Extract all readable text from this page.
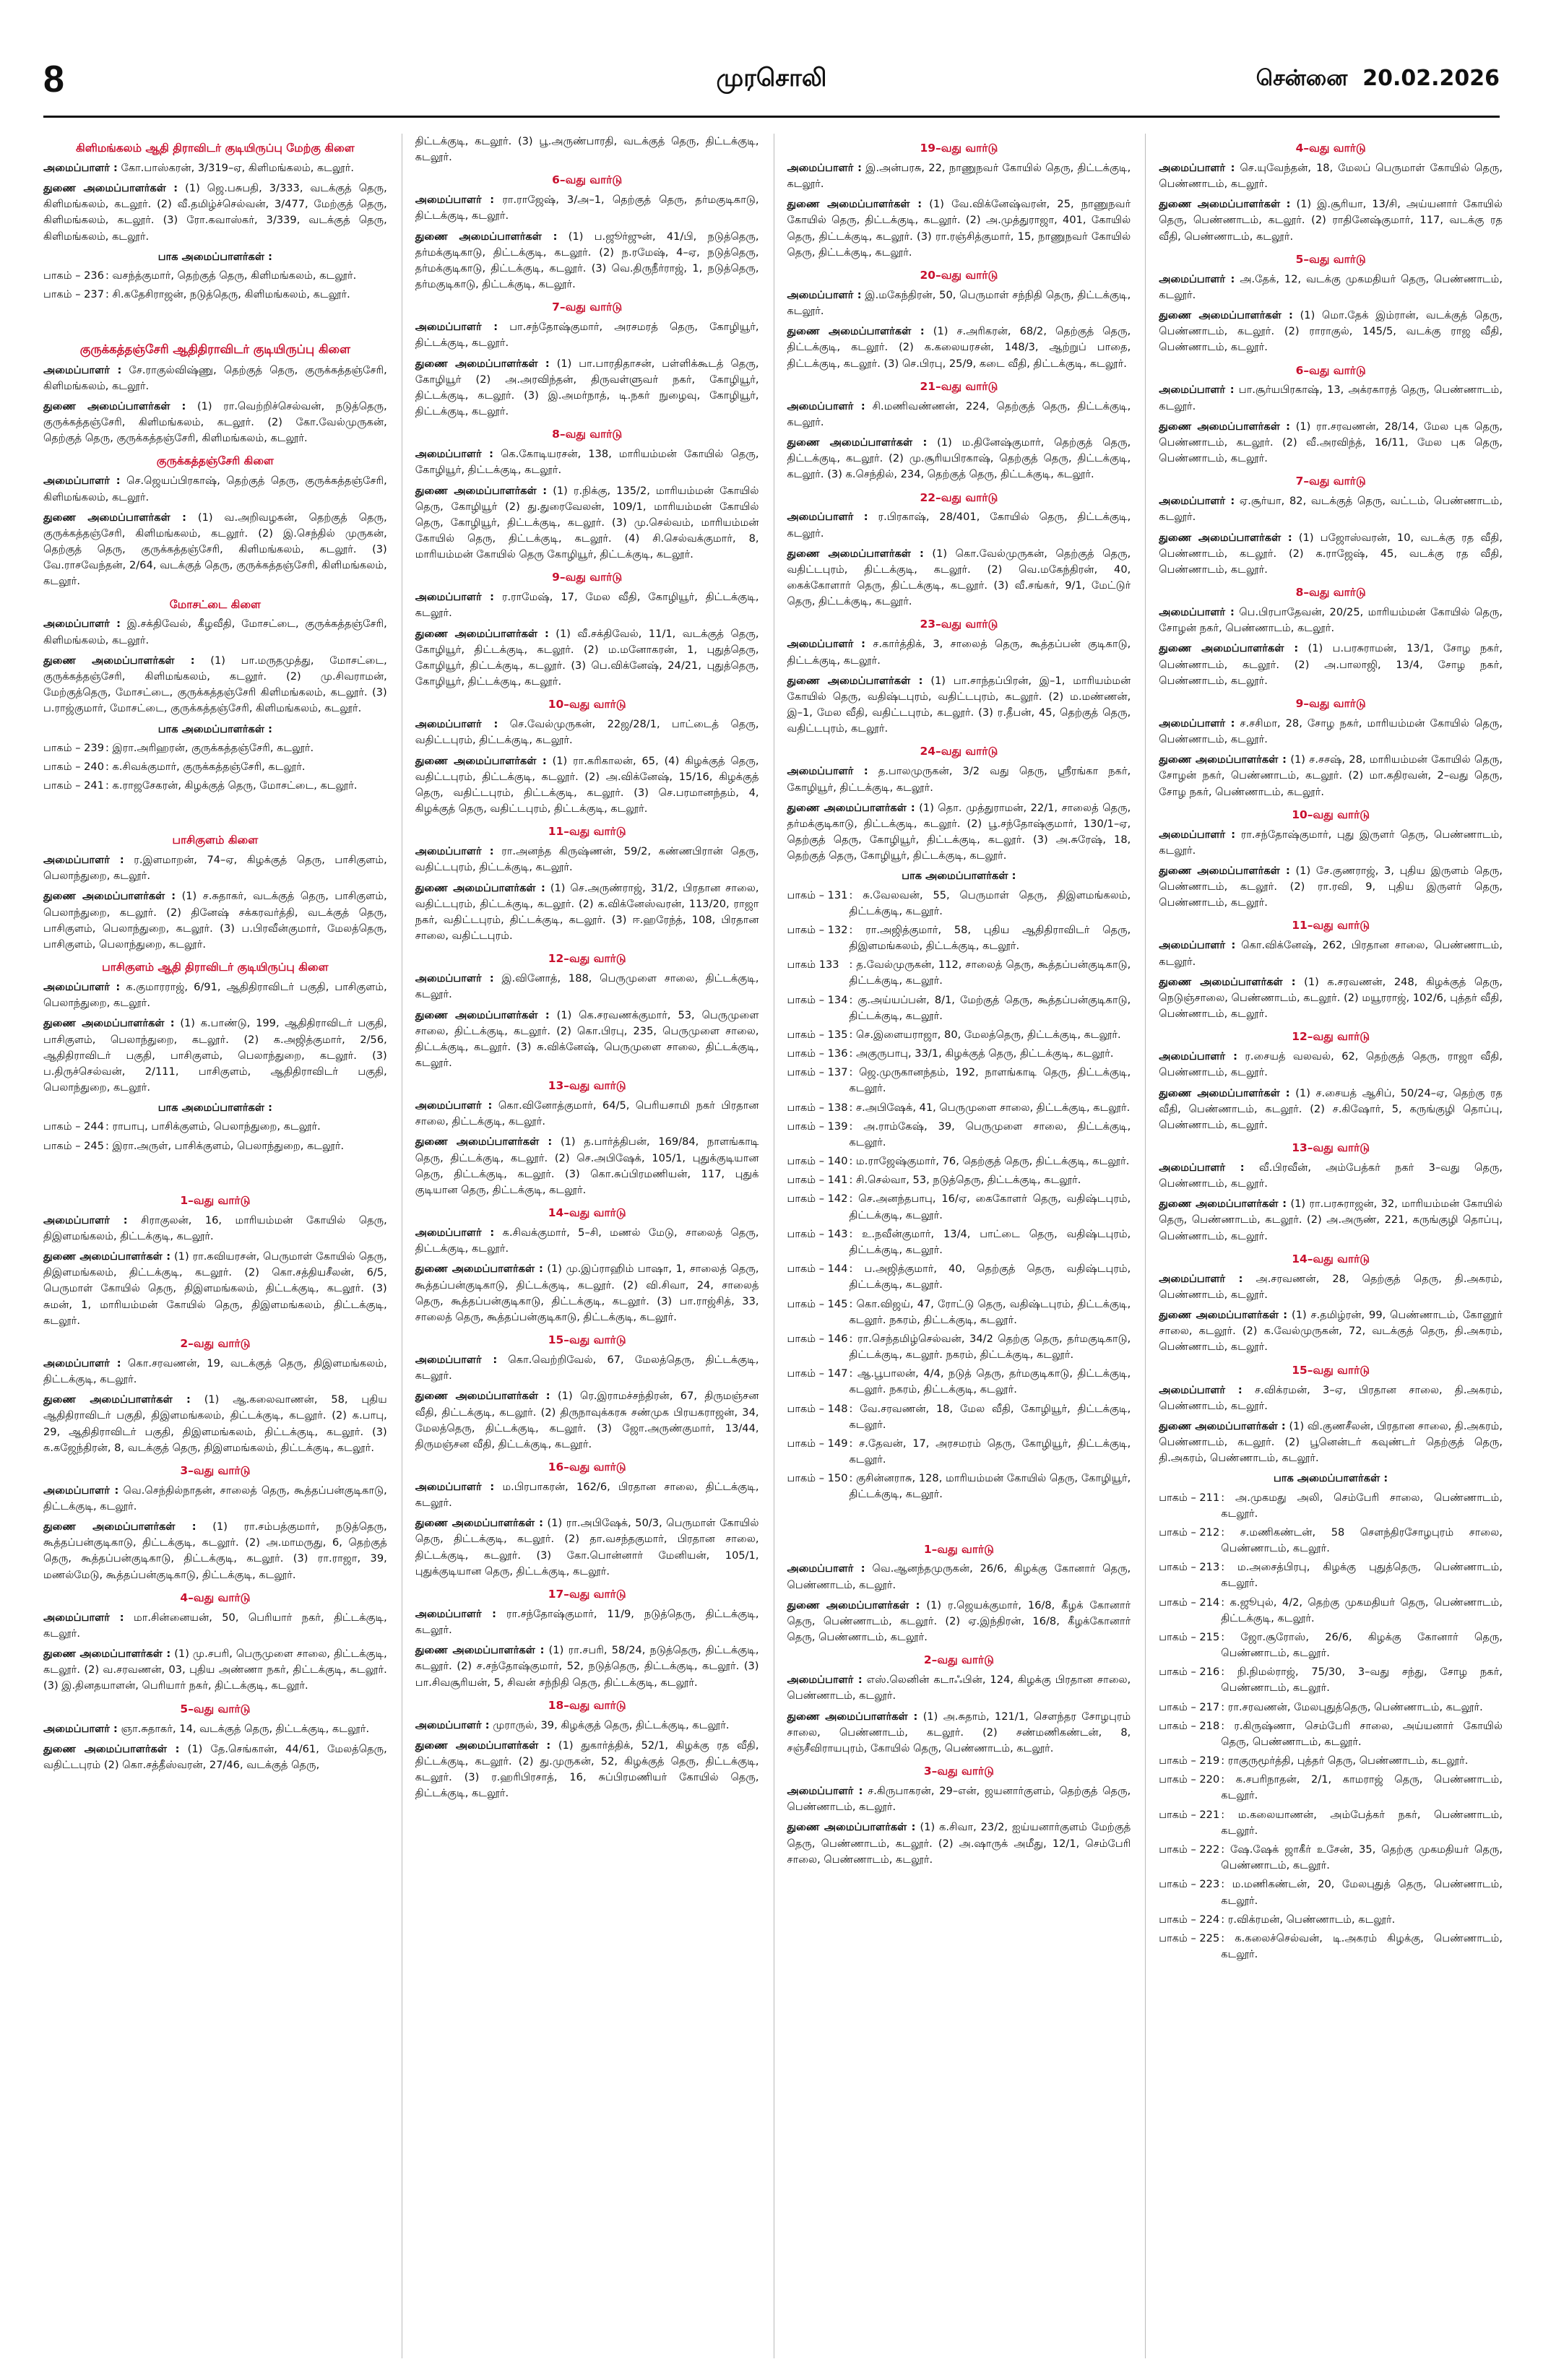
8	முரசொலி	சென்னை 20.02.2026
கிளிமங்கலம் ஆதி திராவிடர் குடியிருப்பு மேற்கு கிளை

அமைப்பாளர் : கோ.பாஸ்கரன், 3/319–ஏ, கிளிமங்கலம், கடலூர்.

துணை அமைப்பாளர்கள் : (1) ஜெ.பசுபதி, 3/333, வடக்குத் தெரு, கிளிமங்கலம், கடலூர். (2) வீ.தமிழ்ச்செல்வன், 3/477, மேற்குத் தெரு, கிளிமங்கலம், கடலூர். (3) ரோ.கவாஸ்கர், 3/339, வடக்குத் தெரு, கிளிமங்கலம், கடலூர்.

பாக அமைப்பாளர்கள் :
பாகம் – 236 : வசந்த்குமார், தெற்குத் தெரு, கிளிமங்கலம், கடலூர்.
பாகம் – 237 : சி.கதேசிராஜன், நடுத்தெரு, கிளிமங்கலம், கடலூர்.
குருக்கத்தஞ்சேரி ஆதிதிராவிடர் குடியிருப்பு கிளை

அமைப்பாளர் : சே.ராகுல்விஷ்ணு, தெற்குத் தெரு, குருக்கத்தஞ்சேரி, கிளிமங்கலம், கடலூர்.

துணை அமைப்பாளர்கள் : (1) ரா.வெற்றிச்செல்வன், நடுத்தெரு, குருக்கத்தஞ்சேரி, கிளிமங்கலம், கடலூர். (2) கோ.வேல்முருகன், தெற்குத் தெரு, குருக்கத்தஞ்சேரி, கிளிமங்கலம், கடலூர்.

குருக்கத்தஞ்சேரி கிளை

அமைப்பாளர் : செ.ஜெயப்பிரகாஷ், தெற்குத் தெரு, குருக்கத்தஞ்சேரி, கிளிமங்கலம், கடலூர்.

துணை அமைப்பாளர்கள் : (1) வ.அறிவழகன், தெற்குத் தெரு, குருக்கத்தஞ்சேரி, கிளிமங்கலம், கடலூர். (2) இ.செந்தில் முருகன், தெற்குத் தெரு, குருக்கத்தஞ்சேரி, கிளிமங்கலம், கடலூர். (3) வே.ராசவேந்தன், 2/64, வடக்குத் தெரு, குருக்கத்தஞ்சேரி, கிளிமங்கலம், கடலூர்.

மோசட்டை கிளை

அமைப்பாளர் : இ.சக்திவேல், கீழவீதி, மோசட்டை, குருக்கத்தஞ்சேரி, கிளிமங்கலம், கடலூர்.

துணை அமைப்பாளர்கள் : (1) பா.மருதமுத்து, மோசட்டை, குருக்கத்தஞ்சேரி, கிளிமங்கலம், கடலூர். (2) மு.சிவராமன், மேற்குத்தெரு, மோசட்டை, குருக்கத்தஞ்சேரி கிளிமங்கலம், கடலூர். (3) ப.ராஜ்குமார், மோசட்டை, குருக்கத்தஞ்சேரி, கிளிமங்கலம், கடலூர்.

பாக அமைப்பாளர்கள் :
பாகம் – 239 : இரா.அரிஹரன், குருக்கத்தஞ்சேரி, கடலூர்.
பாகம் – 240 : க.சிவக்குமார், குருக்கத்தஞ்சேரி, கடலூர்.
பாகம் – 241 : க.ராஜசேகரன், கிழக்குத் தெரு, மோசட்டை, கடலூர்.
பாசிகுளம் கிளை

அமைப்பாளர் : ர.இளமாறன், 74–ஏ, கிழக்குத் தெரு, பாசிகுளம், பெலாந்துறை, கடலூர்.

துணை அமைப்பாளர்கள் : (1) ச.சுதாகர், வடக்குத் தெரு, பாசிகுளம், பெலாந்துறை, கடலூர். (2) தினேஷ் சக்கரவர்த்தி, வடக்குத் தெரு, பாசிகுளம், பெலாந்துறை, கடலூர். (3) ப.பிரவீன்குமார், மேலத்தெரு, பாசிகுளம், பெலாந்துறை, கடலூர்.

பாசிகுளம் ஆதி திராவிடர் குடியிருப்பு கிளை

அமைப்பாளர் : க.குமாரராஜ், 6/91, ஆதிதிராவிடர் பகுதி, பாசிகுளம், பெலாந்துறை, கடலூர்.

துணை அமைப்பாளர்கள் : (1) க.பாண்டு, 199, ஆதிதிராவிடர் பகுதி, பாசிகுளம், பெலாந்துறை, கடலூர். (2) க.அஜித்குமார், 2/56, ஆதிதிராவிடர் பகுதி, பாசிகுளம், பெலாந்துறை, கடலூர். (3) ப.திருச்செல்வன், 2/111, பாசிகுளம், ஆதிதிராவிடர் பகுதி, பெலாந்துறை, கடலூர்.

பாக அமைப்பாளர்கள் :
பாகம் – 244 : ராபாபு, பாசிக்குளம், பெலாந்துறை, கடலூர்.
பாகம் – 245 : இரா.அருள், பாசிக்குளம், பெலாந்துறை, கடலூர்.
1–வது வார்டு

அமைப்பாளர் : சிராகுலன், 16, மாரியம்மன் கோயில் தெரு, திஇளமங்கலம், திட்டக்குடி, கடலூர்.

துணை அமைப்பாளர்கள் : (1) ரா.கவியரசன், பெருமாள் கோயில் தெரு, திஇளமங்கலம், திட்டக்குடி, கடலூர். (2) கொ.சத்தியசீலன், 6/5, பெருமாள் கோயில் தெரு, திஇளமங்கலம், திட்டக்குடி, கடலூர். (3) சுமன், 1, மாரியம்மன் கோயில் தெரு, திஇளமங்கலம், திட்டக்குடி, கடலூர்.

2–வது வார்டு

அமைப்பாளர் : கொ.சரவணன், 19, வடக்குத் தெரு, திஇளமங்கலம், திட்டக்குடி, கடலூர்.

துணை அமைப்பாளர்கள் : (1) ஆ.கலைவாணன், 58, புதிய ஆதிதிராவிடர் பகுதி, திஇளமங்கலம், திட்டக்குடி, கடலூர். (2) க.பாபு, 29, ஆதிதிராவிடர் பகுதி, திஇளமங்கலம், திட்டக்குடி, கடலூர். (3) க.கஜேந்திரன், 8, வடக்குத் தெரு, திஇளமங்கலம், திட்டக்குடி, கடலூர்.

3–வது வார்டு

அமைப்பாளர் : வெ.செந்தில்நாதன், சாலைத் தெரு, கூத்தப்பன்குடிகாடு, திட்டக்குடி, கடலூர்.

துணை அமைப்பாளர்கள் : (1) ரா.சம்பத்குமார், நடுத்தெரு, கூத்தப்பன்குடிகாடு, திட்டக்குடி, கடலூர். (2) அ.மாமருது, 6, தெற்குத் தெரு, கூத்தப்பன்குடிகாடு, திட்டக்குடி, கடலூர். (3) ரா.ராஜா, 39, மணல்மேடு, கூத்தப்பன்குடிகாடு, திட்டக்குடி, கடலூர்.

4–வது வார்டு

அமைப்பாளர் : மா.சின்னையன், 50, பெரியார் நகர், திட்டக்குடி, கடலூர்.

துணை அமைப்பாளர்கள் : (1) மு.சபரி, பெருமுளை சாலை, திட்டக்குடி, கடலூர். (2) வ.சரவணன், 03, புதிய அண்ணா நகர், திட்டக்குடி, கடலூர். (3) இ.தினதயாளன், பெரியார் நகர், திட்டக்குடி, கடலூர்.

5–வது வார்டு

அமைப்பாளர் : ஞா.சுதாகர், 14, வடக்குத் தெரு, திட்டக்குடி, கடலூர்.

துணை அமைப்பாளர்கள் : (1) தே.செங்கான், 44/61, மேலத்தெரு, வதிட்டபுரம் (2) கொ.சத்தீஸ்வரன், 27/46, வடக்குத் தெரு,

திட்டக்குடி, கடலூர். (3) பூ.அருண்பாரதி, வடக்குத் தெரு, திட்டக்குடி, கடலூர்.

6–வது வார்டு

அமைப்பாளர் : ரா.ராஜேஷ், 3/அ–1, தெற்குத் தெரு, தர்மகுடிகாடு, திட்டக்குடி, கடலூர்.

துணை அமைப்பாளர்கள் : (1) ப.ஜூர்ஜுன், 41/பி, நடுத்தெரு, தர்மக்குடிகாடு, திட்டக்குடி, கடலூர். (2) ந.ரமேஷ், 4–ஏ, நடுத்தெரு, தர்மக்குடிகாடு, திட்டக்குடி, கடலூர். (3) வெ.திருநீர்ராஜ், 1, நடுத்தெரு, தர்மகுடிகாடு, திட்டக்குடி, கடலூர்.

7–வது வார்டு

அமைப்பாளர் : பா.சந்தோஷ்குமார், அரசமரத் தெரு, கோழியூர், திட்டக்குடி, கடலூர்.

துணை அமைப்பாளர்கள் : (1) பா.பாரதிதாசன், பள்ளிக்கூடத் தெரு, கோழியூர் (2) அ.அரவிந்தன், திருவள்ளுவர் நகர், கோழியூர், திட்டக்குடி, கடலூர். (3) இ.அமர்நாத், டி.நகர் நுழைவு, கோழியூர், திட்டக்குடி, கடலூர்.

8–வது வார்டு

அமைப்பாளர் : கெ.கோடியரசன், 138, மாரியம்மன் கோயில் தெரு, கோழியூர், திட்டக்குடி, கடலூர்.

துணை அமைப்பாளர்கள் : (1) ர.நிக்கு, 135/2, மாரியம்மன் கோயில் தெரு, கோழியூர் (2) து.துரைவேலன், 109/1, மாரியம்மன் கோயில் தெரு, கோழியூர், திட்டக்குடி, கடலூர். (3) மு.செல்வம், மாரியம்மன் கோயில் தெரு, திட்டக்குடி, கடலூர். (4) சி.செல்வக்குமார், 8, மாரியம்மன் கோயில் தெரு கோழியூர், திட்டக்குடி, கடலூர்.

9–வது வார்டு

அமைப்பாளர் : ர.ராமேஷ், 17, மேல வீதி, கோழியூர், திட்டக்குடி, கடலூர்.

துணை அமைப்பாளர்கள் : (1) வீ.சக்திவேல், 11/1, வடக்குத் தெரு, கோழியூர், திட்டக்குடி, கடலூர். (2) ம.மனோகரன், 1, புதுத்தெரு, கோழியூர், திட்டக்குடி, கடலூர். (3) பெ.விக்னேஷ், 24/21, புதுத்தெரு, கோழியூர், திட்டக்குடி, கடலூர்.

10–வது வார்டு

அமைப்பாளர் : செ.வேல்முருகன், 22ஜ/28/1, பாட்டைத் தெரு, வதிட்டபுரம், திட்டக்குடி, கடலூர்.

துணை அமைப்பாளர்கள் : (1) ரா.கரிகாலன், 65, (4) கிழக்குத் தெரு, வதிட்டபுரம், திட்டக்குடி, கடலூர். (2) அ.விக்னேஷ், 15/16, கிழக்குத் தெரு, வதிட்டபுரம், திட்டக்குடி, கடலூர். (3) செ.பரமானந்தம், 4, கிழக்குத் தெரு, வதிட்டபுரம், திட்டக்குடி, கடலூர்.

11–வது வார்டு

அமைப்பாளர் : ரா.அனந்த கிருஷ்ணன், 59/2, கண்ணபிரான் தெரு, வதிட்டபுரம், திட்டக்குடி, கடலூர்.

துணை அமைப்பாளர்கள் : (1) செ.அருண்ராஜ், 31/2, பிரதான சாலை, வதிட்டபுரம், திட்டக்குடி, கடலூர். (2) க.விக்னேஸ்வரன், 113/20, ராஜா நகர், வதிட்டபுரம், திட்டக்குடி, கடலூர். (3) ஈ.ஹரேந்த், 108, பிரதான சாலை, வதிட்டபுரம்.

12–வது வார்டு

அமைப்பாளர் : இ.வினோத், 188, பெருமுளை சாலை, திட்டக்குடி, கடலூர்.

துணை அமைப்பாளர்கள் : (1) கெ.சரவணக்குமார், 53, பெருமுளை சாலை, திட்டக்குடி, கடலூர். (2) கொ.பிரபு, 235, பெருமுளை சாலை, திட்டக்குடி, கடலூர். (3) சு.விக்னேஷ், பெருமுளை சாலை, திட்டக்குடி, கடலூர்.

13–வது வார்டு

அமைப்பாளர் : கொ.வினோத்குமார், 64/5, பெரியசாமி நகர் பிரதான சாலை, திட்டக்குடி, கடலூர்.

துணை அமைப்பாளர்கள் : (1) த.பார்த்திபன், 169/84, நாளங்காடி தெரு, திட்டக்குடி, கடலூர். (2) செ.அபிஷேக், 105/1, புதுக்குடியான தெரு, திட்டக்குடி, கடலூர். (3) கொ.சுப்பிரமணியன், 117, புதுக் குடியான தெரு, திட்டக்குடி, கடலூர்.

14–வது வார்டு

அமைப்பாளர் : க.சிவக்குமார், 5–சி, மணல் மேடு, சாலைத் தெரு, திட்டக்குடி, கடலூர்.

துணை அமைப்பாளர்கள் : (1) மு.இப்ராஹிம் பாஷா, 1, சாலைத் தெரு, கூத்தப்பன்குடிகாடு, திட்டக்குடி, கடலூர். (2) வி.சிவா, 24, சாலைத் தெரு, கூத்தப்பன்குடிகாடு, திட்டக்குடி, கடலூர். (3) பா.ராஜ்சித், 33, சாலைத் தெரு, கூத்தப்பன்குடிகாடு, திட்டக்குடி, கடலூர்.

15–வது வார்டு

அமைப்பாளர் : கொ.வெற்றிவேல், 67, மேலத்தெரு, திட்டக்குடி, கடலூர்.

துணை அமைப்பாளர்கள் : (1) ரெ.இராமச்சந்திரன், 67, திருமஞ்சன வீதி, திட்டக்குடி, கடலூர். (2) திருநாவுக்கரசு சண்முக பிரயகராஜன், 34, மேலத்தெரு, திட்டக்குடி, கடலூர். (3) ஜோ.அருண்குமார், 13/44, திருமஞ்சன வீதி, திட்டக்குடி, கடலூர்.

16–வது வார்டு

அமைப்பாளர் : ம.பிரபாகரன், 162/6, பிரதான சாலை, திட்டக்குடி, கடலூர்.

துணை அமைப்பாளர்கள் : (1) ரா.அபிஷேக், 50/3, பெருமாள் கோயில் தெரு, திட்டக்குடி, கடலூர். (2) தா.வசந்தகுமார், பிரதான சாலை, திட்டக்குடி, கடலூர். (3) கோ.பொன்னார் மேனியன், 105/1, புதுக்குடியான தெரு, திட்டக்குடி, கடலூர்.

17–வது வார்டு

அமைப்பாளர் : ரா.சந்தோஷ்குமார், 11/9, நடுத்தெரு, திட்டக்குடி, கடலூர்.

துணை அமைப்பாளர்கள் : (1) ரா.சபரி, 58/24, நடுத்தெரு, திட்டக்குடி, கடலூர். (2) ச.சந்தோஷ்குமார், 52, நடுத்தெரு, திட்டக்குடி, கடலூர். (3) பா.சிவசூரியன், 5, சிவன் சந்நிதி தெரு, திட்டக்குடி, கடலூர்.

18–வது வார்டு

அமைப்பாளர் : முராருல், 39, கிழக்குத் தெரு, திட்டக்குடி, கடலூர்.

துணை அமைப்பாளர்கள் : (1) துகார்த்திக், 52/1, கிழக்கு ரத வீதி, திட்டக்குடி, கடலூர். (2) து.முருகன், 52, கிழக்குத் தெரு, திட்டக்குடி, கடலூர். (3) ர.ஹரிபிரசாத், 16, சுப்பிரமணியர் கோயில் தெரு, திட்டக்குடி, கடலூர்.

19–வது வார்டு

அமைப்பாளர் : இ.அன்பரசு, 22, நாணுநவர் கோயில் தெரு, திட்டக்குடி, கடலூர்.

துணை அமைப்பாளர்கள் : (1) வே.விக்னேஷ்வரன், 25, நாணுநவர் கோயில் தெரு, திட்டக்குடி, கடலூர். (2) அ.முத்துராஜா, 401, கோயில் தெரு, திட்டக்குடி, கடலூர். (3) ரா.ரஞ்சித்குமார், 15, நாணுநவர் கோயில் தெரு, திட்டக்குடி, கடலூர்.

20–வது வார்டு

அமைப்பாளர் : இ.மகேந்திரன், 50, பெருமாள் சந்நிதி தெரு, திட்டக்குடி, கடலூர்.

துணை அமைப்பாளர்கள் : (1) ச.அரிகரன், 68/2, தெற்குத் தெரு, திட்டக்குடி, கடலூர். (2) க.கலையரசன், 148/3, ஆற்றுப் பாதை, திட்டக்குடி, கடலூர். (3) செ.பிரபு, 25/9, கடை வீதி, திட்டக்குடி, கடலூர்.

21–வது வார்டு

அமைப்பாளர் : சி.மணிவண்ணன், 224, தெற்குத் தெரு, திட்டக்குடி, கடலூர்.

துணை அமைப்பாளர்கள் : (1) ம.தினேஷ்குமார், தெற்குத் தெரு, திட்டக்குடி, கடலூர். (2) மு.சூரியபிரகாஷ், தெற்குத் தெரு, திட்டக்குடி, கடலூர். (3) க.செந்தில், 234, தெற்குத் தெரு, திட்டக்குடி, கடலூர்.

22–வது வார்டு

அமைப்பாளர் : ர.பிரகாஷ், 28/401, கோயில் தெரு, திட்டக்குடி, கடலூர்.

துணை அமைப்பாளர்கள் : (1) கொ.வேல்முருகன், தெற்குத் தெரு, வதிட்டபுரம், திட்டக்குடி, கடலூர். (2) வெ.மகேந்திரன், 40, கைக்கோளார் தெரு, திட்டக்குடி, கடலூர். (3) வீ.சங்கர், 9/1, மேட்டுர் தெரு, திட்டக்குடி, கடலூர்.

23–வது வார்டு

அமைப்பாளர் : ச.கார்த்திக், 3, சாலைத் தெரு, கூத்தப்பன் குடிகாடு, திட்டக்குடி, கடலூர்.

துணை அமைப்பாளர்கள் : (1) பா.சாந்தப்பிரன், இ–1, மாரியம்மன் கோயில் தெரு, வதிஷ்டபுரம், வதிட்டபுரம், கடலூர். (2) ம.மண்ணன், இ–1, மேல வீதி, வதிட்டபுரம், கடலூர். (3) ர.தீபன், 45, தெற்குத் தெரு, வதிட்டபுரம், கடலூர்.

24–வது வார்டு

அமைப்பாளர் : த.பாலமுருகன், 3/2 வது தெரு, ஸ்ரீரங்கா நகர், கோழியூர், திட்டக்குடி, கடலூர்.

துணை அமைப்பாளர்கள் : (1) தொ. முத்துராமன், 22/1, சாலைத் தெரு, தர்மக்குடிகாடு, திட்டக்குடி, கடலூர். (2) பூ.சந்தோஷ்குமார், 130/1–ஏ, தெற்குத் தெரு, கோழியூர், திட்டக்குடி, கடலூர். (3) அ.சுரேஷ், 18, தெற்குத் தெரு, கோழியூர், திட்டக்குடி, கடலூர்.

பாக அமைப்பாளர்கள் :
பாகம் – 131 : சு.வேலவன், 55, பெருமாள் தெரு, திஇளமங்கலம், திட்டக்குடி, கடலூர்.
பாகம் – 132 : ரா.அஜித்குமார், 58, புதிய ஆதிதிராவிடர் தெரு, திஇளமங்கலம், திட்டக்குடி, கடலூர்.
பாகம் 133 : த.வேல்முருகன், 112, சாலைத் தெரு, கூத்தப்பன்குடிகாடு, திட்டக்குடி, கடலூர்.
பாகம் – 134 : கு.அய்யப்பன், 8/1, மேற்குத் தெரு, கூத்தப்பன்குடிகாடு, திட்டக்குடி, கடலூர்.
பாகம் – 135 : செ.இளையராஜா, 80, மேலத்தெரு, திட்டக்குடி, கடலூர்.
பாகம் – 136 : அகுருபாபு, 33/1, கிழக்குத் தெரு, திட்டக்குடி, கடலூர்.
பாகம் – 137 : ஜெ.முருகானந்தம், 192, நாளங்காடி தெரு, திட்டக்குடி, கடலூர்.
பாகம் – 138 : ச.அபிஷேக், 41, பெருமுளை சாலை, திட்டக்குடி, கடலூர்.
பாகம் – 139 : அ.ராம்கேஷ், 39, பெருமுளை சாலை, திட்டக்குடி, கடலூர்.
பாகம் – 140 : ம.ராஜேஷ்குமார், 76, தெற்குத் தெரு, திட்டக்குடி, கடலூர்.
பாகம் – 141 : சி.செல்வா, 53, நடுத்தெரு, திட்டக்குடி, கடலூர்.
பாகம் – 142 : செ.அனந்தபாபு, 16/ஏ, கைகோளர் தெரு, வதிஷ்டபுரம், திட்டக்குடி, கடலூர்.
பாகம் – 143 : உ.நவீன்குமார், 13/4, பாட்டை தெரு, வதிஷ்டபுரம், திட்டக்குடி, கடலூர்.
பாகம் – 144 : ப.அஜித்குமார், 40, தெற்குத் தெரு, வதிஷ்டபுரம், திட்டக்குடி, கடலூர்.
பாகம் – 145 : கொ.விஜய், 47, ரோட்டு தெரு, வதிஷ்டபுரம், திட்டக்குடி, கடலூர். நகரம், திட்டக்குடி, கடலூர்.
பாகம் – 146 : ரா.செந்தமிழ்செல்வன், 34/2 தெற்கு தெரு, தர்மகுடிகாடு, திட்டக்குடி, கடலூர். நகரம், திட்டக்குடி, கடலூர்.
பாகம் – 147 : ஆ.பூபாலன், 4/4, நடுத் தெரு, தர்மகுடிகாடு, திட்டக்குடி, கடலூர். நகரம், திட்டக்குடி, கடலூர்.
பாகம் – 148 : வே.சரவணன், 18, மேல வீதி, கோழியூர், திட்டக்குடி, கடலூர்.
பாகம் – 149 : ச.தேவன், 17, அரசமரம் தெரு, கோழியூர், திட்டக்குடி, கடலூர்.
பாகம் – 150 : குசின்னராசு, 128, மாரியம்மன் கோயில் தெரு, கோழியூர், திட்டக்குடி, கடலூர்.
1–வது வார்டு

அமைப்பாளர் : வெ.ஆனந்தமுருகன், 26/6, கிழக்கு கோனார் தெரு, பெண்ணாடம், கடலூர்.

துணை அமைப்பாளர்கள் : (1) ர.ஜெயக்குமார், 16/8, கீழக் கோனார் தெரு, பெண்ணாடம், கடலூர். (2) ஏ.இந்திரன், 16/8, கீழக்கோனார் தெரு, பெண்ணாடம், கடலூர்.

2–வது வார்டு

அமைப்பாளர் : எஸ்.லெனின் கடாஃபின், 124, கிழக்கு பிரதான சாலை, பெண்ணாடம், கடலூர்.

துணை அமைப்பாளர்கள் : (1) அ.சுதாம், 121/1, சௌந்தர சோழபுரம் சாலை, பெண்ணாடம், கடலூர். (2) சண்மணிகண்டன், 8, சஞ்சீவிராயபுரம், கோயில் தெரு, பெண்ணாடம், கடலூர்.

3–வது வார்டு

அமைப்பாளர் : ச.கிருபாகரன், 29–என், ஜயனார்குளம், தெற்குத் தெரு, பெண்ணாடம், கடலூர்.

துணை அமைப்பாளர்கள் : (1) க.சிவா, 23/2, ஐய்யனார்குளம் மேற்குத் தெரு, பெண்ணாடம், கடலூர். (2) அ.ஷாருக் அமீது, 12/1, செம்பேரி சாலை, பெண்ணாடம், கடலூர்.

4–வது வார்டு

அமைப்பாளர் : செ.யுவேந்தன், 18, மேலப் பெருமாள் கோயில் தெரு, பெண்ணாடம், கடலூர்.

துணை அமைப்பாளர்கள் : (1) இ.சூரியா, 13/சி, அய்யனார் கோயில் தெரு, பெண்ணாடம், கடலூர். (2) ராதினேஷ்குமார், 117, வடக்கு ரத வீதி, பெண்ணாடம், கடலூர்.

5–வது வார்டு

அமைப்பாளர் : அ.தேக், 12, வடக்கு முகமதியர் தெரு, பெண்ணாடம், கடலூர்.

துணை அமைப்பாளர்கள் : (1) மொ.தேக் இம்ரான், வடக்குத் தெரு, பெண்ணாடம், கடலூர். (2) ராராகுல், 145/5, வடக்கு ராஜ வீதி, பெண்ணாடம், கடலூர்.

6–வது வார்டு

அமைப்பாளர் : பா.சூர்யபிரகாஷ், 13, அக்ரகாரத் தெரு, பெண்ணாடம், கடலூர்.

துணை அமைப்பாளர்கள் : (1) ரா.சரவணன், 28/14, மேல புக தெரு, பெண்ணாடம், கடலூர். (2) வீ.அரவிந்த், 16/11, மேல புக தெரு, பெண்ணாடம், கடலூர்.

7–வது வார்டு

அமைப்பாளர் : ஏ.சூர்யா, 82, வடக்குத் தெரு, வட்டம், பெண்ணாடம், கடலூர்.

துணை அமைப்பாளர்கள் : (1) பஜோஸ்வரன், 10, வடக்கு ரத வீதி, பெண்ணாடம், கடலூர். (2) க.ராஜேஷ், 45, வடக்கு ரத வீதி, பெண்ணாடம், கடலூர்.

8–வது வார்டு

அமைப்பாளர் : பெ.பிரபாதேவன், 20/25, மாரியம்மன் கோயில் தெரு, சோழன் நகர், பெண்ணாடம், கடலூர்.

துணை அமைப்பாளர்கள் : (1) ப.பரசுராமன், 13/1, சோழ நகர், பெண்ணாடம், கடலூர். (2) அ.பாலாஜி, 13/4, சோழ நகர், பெண்ணாடம், கடலூர்.

9–வது வார்டு

அமைப்பாளர் : ச.சசிமா, 28, சோழ நகர், மாரியம்மன் கோயில் தெரு, பெண்ணாடம், கடலூர்.

துணை அமைப்பாளர்கள் : (1) ச.சசஷ், 28, மாரியம்மன் கோயில் தெரு, சோழன் நகர், பெண்ணாடம், கடலூர். (2) மா.கதிரவன், 2–வது தெரு, சோழ நகர், பெண்ணாடம், கடலூர்.

10–வது வார்டு

அமைப்பாளர் : ரா.சந்தோஷ்குமார், புது இருளர் தெரு, பெண்ணாடம், கடலூர்.

துணை அமைப்பாளர்கள் : (1) சே.குணராஜ், 3, புதிய இருளம் தெரு, பெண்ணாடம், கடலூர். (2) ரா.ரவி, 9, புதிய இருளர் தெரு, பெண்ணாடம், கடலூர்.

11–வது வார்டு

அமைப்பாளர் : கொ.விக்னேஷ், 262, பிரதான சாலை, பெண்ணாடம், கடலூர்.

துணை அமைப்பாளர்கள் : (1) க.சரவணன், 248, கிழக்குத் தெரு, நெடுஞ்சாலை, பெண்ணாடம், கடலூர். (2) மயூரராஜ், 102/6, புத்தர் வீதி, பெண்ணாடம், கடலூர்.

12–வது வார்டு

அமைப்பாளர் : ர.சையத் வலவல், 62, தெற்குத் தெரு, ராஜா வீதி, பெண்ணாடம், கடலூர்.

துணை அமைப்பாளர்கள் : (1) ச.சையத் ஆசிப், 50/24–ஏ, தெற்கு ரத வீதி, பெண்ணாடம், கடலூர். (2) ச.கிஷோர், 5, கருங்குழி தொப்பு, பெண்ணாடம், கடலூர்.

13–வது வார்டு

அமைப்பாளர் : வீ.பிரவீன், அம்பேத்கர் நகர் 3–வது தெரு, பெண்ணாடம், கடலூர்.

துணை அமைப்பாளர்கள் : (1) ரா.பரசுராஜன், 32, மாரியம்மன் கோயில் தெரு, பெண்ணாடம், கடலூர். (2) அ.அருண், 221, கருங்குழி தொப்பு, பெண்ணாடம், கடலூர்.

14–வது வார்டு

அமைப்பாளர் : அ.சரவணன், 28, தெற்குத் தெரு, தி.அகரம், பெண்ணாடம், கடலூர்.

துணை அமைப்பாளர்கள் : (1) ச.தமிழ்ரன், 99, பெண்ணாடம், கோனூர் சாலை, கடலூர். (2) க.வேல்முருகன், 72, வடக்குத் தெரு, தி.அகரம், பெண்ணாடம், கடலூர்.

15–வது வார்டு

அமைப்பாளர் : ச.விக்ரமன், 3–ஏ, பிரதான சாலை, தி.அகரம், பெண்ணாடம், கடலூர்.

துணை அமைப்பாளர்கள் : (1) வி.குணசீலன், பிரதான சாலை, தி.அகரம், பெண்ணாடம், கடலூர். (2) பூனென்டர் கவுண்டர் தெற்குத் தெரு, தி.அகரம், பெண்ணாடம், கடலூர்.

பாக அமைப்பாளர்கள் :
பாகம் – 211 : அ.முகமது அலி, செம்பேரி சாலை, பெண்ணாடம், கடலூர்.
பாகம் – 212 : ச.மணிகண்டன், 58 சௌந்திரசோழபுரம் சாலை, பெண்ணாடம், கடலூர்.
பாகம் – 213 : ம.அசைத்பிரபு, கிழக்கு புதுத்தெரு, பெண்ணாடம், கடலூர்.
பாகம் – 214 : க.ஜூபுல், 4/2, தெற்கு முகமதியர் தெரு, பெண்ணாடம், திட்டக்குடி, கடலூர்.
பாகம் – 215 : ஜோ.சூரோஸ், 26/6, கிழக்கு கோனார் தெரு, பெண்ணாடம், கடலூர்.
பாகம் – 216 : நி.நிமல்ராஜ், 75/30, 3–வது சந்து, சோழ நகர், பெண்ணாடம், கடலூர்.
பாகம் – 217 : ரா.சரவணன், மேலபுதுத்தெரு, பெண்ணாடம், கடலூர்.
பாகம் – 218 : ர.கிருஷ்ணா, செம்பேரி சாலை, அய்யனார் கோயில் தெரு, பெண்ணாடம், கடலூர்.
பாகம் – 219 : ராகுருமூர்த்தி, புத்தர் தெரு, பெண்ணாடம், கடலூர்.
பாகம் – 220 : க.சபரிநாதன், 2/1, காமராஜ் தெரு, பெண்ணாடம், கடலூர்.
பாகம் – 221 : ம.கலையாணன், அம்பேத்கர் நகர், பெண்ணாடம், கடலூர்.
பாகம் – 222 : ஷே.ஷேக் ஜாகீர் உசேன், 35, தெற்கு முகமதியர் தெரு, பெண்ணாடம், கடலூர்.
பாகம் – 223 : ம.மணிகண்டன், 20, மேலபுதுத் தெரு, பெண்ணாடம், கடலூர்.
பாகம் – 224 : ர.விக்ரமன், பெண்ணாடம், கடலூர்.
பாகம் – 225 : க.கலைச்செல்வன், டி.அகரம் கிழக்கு, பெண்ணாடம், கடலூர்.
